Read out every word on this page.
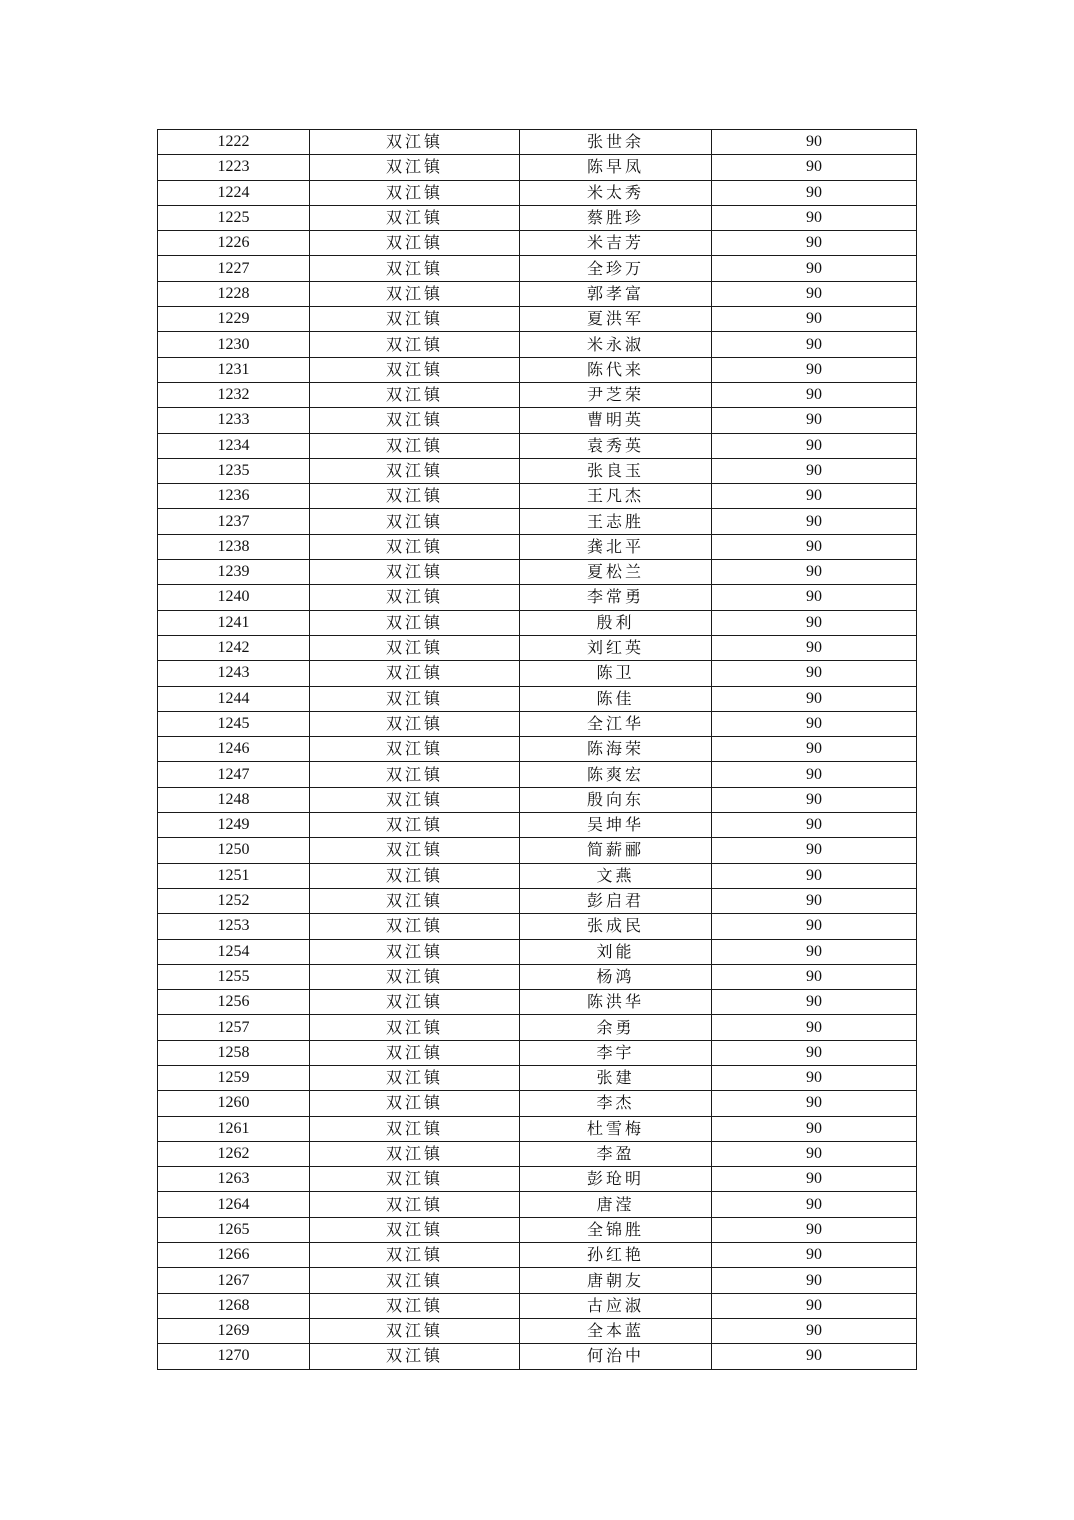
1222	双江镇	张世余	90
1223	双江镇	陈早凤	90
1224	双江镇	米太秀	90
1225	双江镇	蔡胜珍	90
1226	双江镇	米吉芳	90
1227	双江镇	全珍万	90
1228	双江镇	郭孝富	90
1229	双江镇	夏洪军	90
1230	双江镇	米永淑	90
1231	双江镇	陈代来	90
1232	双江镇	尹芝荣	90
1233	双江镇	曹明英	90
1234	双江镇	袁秀英	90
1235	双江镇	张良玉	90
1236	双江镇	王凡杰	90
1237	双江镇	王志胜	90
1238	双江镇	龚北平	90
1239	双江镇	夏松兰	90
1240	双江镇	李常勇	90
1241	双江镇	殷利	90
1242	双江镇	刘红英	90
1243	双江镇	陈卫	90
1244	双江镇	陈佳	90
1245	双江镇	全江华	90
1246	双江镇	陈海荣	90
1247	双江镇	陈爽宏	90
1248	双江镇	殷向东	90
1249	双江镇	吴坤华	90
1250	双江镇	简薪郦	90
1251	双江镇	文燕	90
1252	双江镇	彭启君	90
1253	双江镇	张成民	90
1254	双江镇	刘能	90
1255	双江镇	杨鸿	90
1256	双江镇	陈洪华	90
1257	双江镇	余勇	90
1258	双江镇	李宇	90
1259	双江镇	张建	90
1260	双江镇	李杰	90
1261	双江镇	杜雪梅	90
1262	双江镇	李盈	90
1263	双江镇	彭玱明	90
1264	双江镇	唐滢	90
1265	双江镇	全锦胜	90
1266	双江镇	孙红艳	90
1267	双江镇	唐朝友	90
1268	双江镇	古应淑	90
1269	双江镇	全本蓝	90
1270	双江镇	何治中	90
